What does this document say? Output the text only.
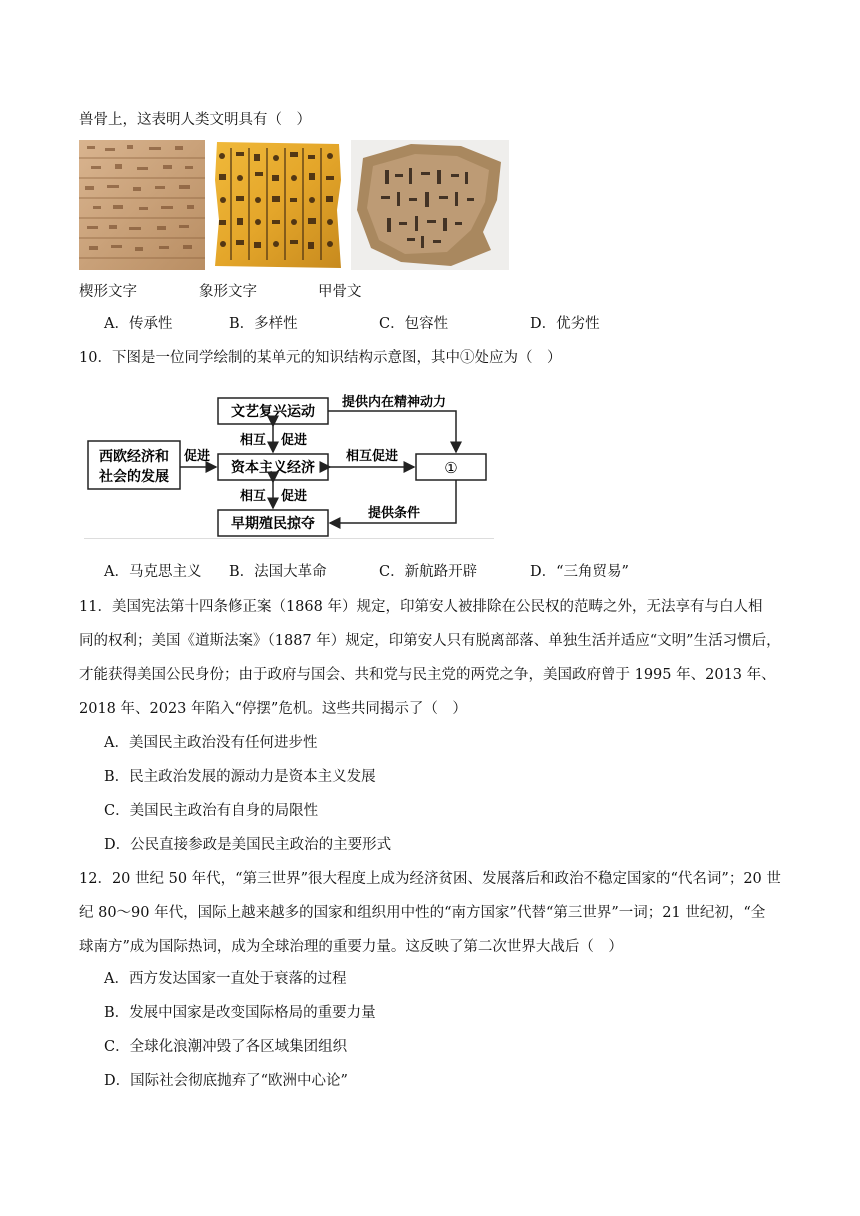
兽骨上，这表明人类文明具有（　）
楔形文字	象形文字	甲骨文
A．传承性	B．多样性	C．包容性	D．优劣性
10．下图是一位同学绘制的某单元的知识结构示意图，其中①处应为（　）
西欧经济和
社会的发展
文艺复兴运动
资本主义经济
早期殖民掠夺
①
促进
相互 促进
相互 促进
相互促进
提供内在精神动力
提供条件
A．马克思主义 B．法国大革命	C．新航路开辟	D．“三角贸易”
11．美国宪法第十四条修正案（1868 年）规定，印第安人被排除在公民权的范畴之外，无法享有与白人相
同的权利；美国《道斯法案》（1887 年）规定，印第安人只有脱离部落、单独生活并适应“文明”生活习惯后，
才能获得美国公民身份；由于政府与国会、共和党与民主党的两党之争，美国政府曾于 1995 年、2013 年、
2018 年、2023 年陷入“停摆”危机。这些共同揭示了（　）
A．美国民主政治没有任何进步性
B．民主政治发展的源动力是资本主义发展
C．美国民主政治有自身的局限性
D．公民直接参政是美国民主政治的主要形式
12．20 世纪 50 年代，“第三世界”很大程度上成为经济贫困、发展落后和政治不稳定国家的“代名词”；20 世
纪 80～90 年代，国际上越来越多的国家和组织用中性的“南方国家”代替“第三世界”一词；21 世纪初，“全
球南方”成为国际热词，成为全球治理的重要力量。这反映了第二次世界大战后（　）
A．西方发达国家一直处于衰落的过程
B．发展中国家是改变国际格局的重要力量
C．全球化浪潮冲毁了各区域集团组织
D．国际社会彻底抛弃了“欧洲中心论”
